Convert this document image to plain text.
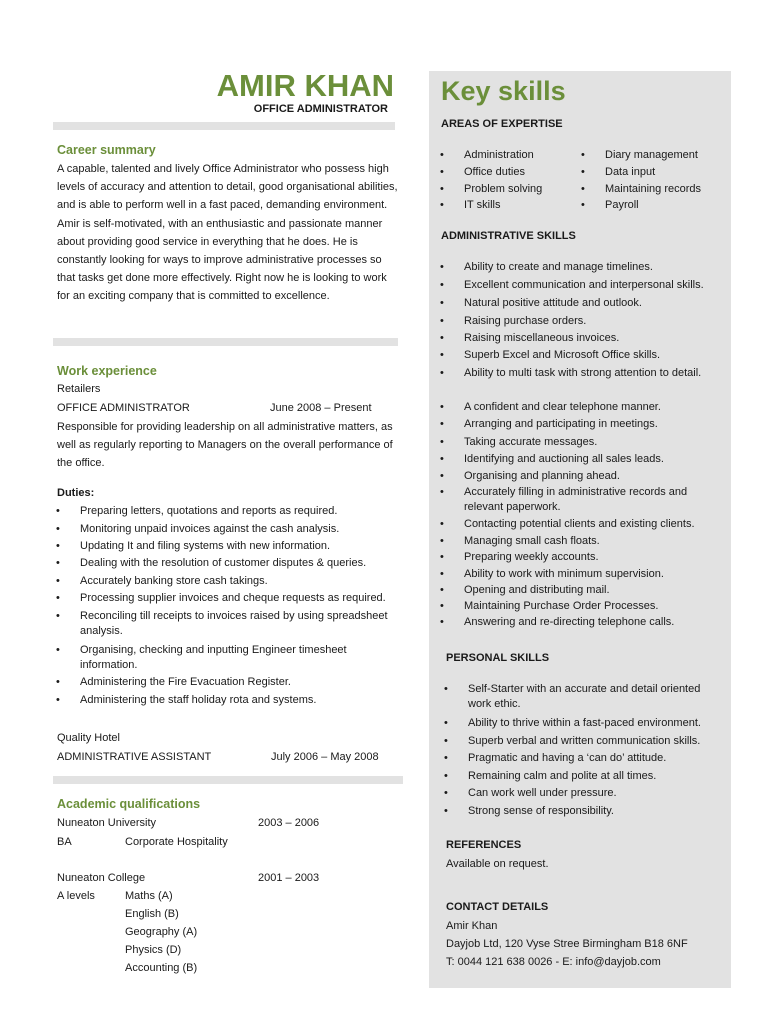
AMIR KHAN
OFFICE ADMINISTRATOR
Career summary
A capable, talented and lively Office Administrator who possess high levels of accuracy and attention to detail, good organisational abilities, and is able to perform well in a fast paced, demanding environment. Amir is self-motivated, with an enthusiastic and passionate manner about providing good service in everything that he does. He is constantly looking for ways to improve administrative processes so that tasks get done more effectively. Right now he is looking to work for an exciting company that is committed to excellence.
Work experience
Retailers
OFFICE ADMINISTRATOR	June 2008 – Present
Responsible for providing leadership on all administrative matters, as well as regularly reporting to Managers on the overall performance of the office.
Duties:
• Preparing letters, quotations and reports as required.
• Monitoring unpaid invoices against the cash analysis.
• Updating It and filing systems with new information.
• Dealing with the resolution of customer disputes & queries.
• Accurately banking store cash takings.
• Processing supplier invoices and cheque requests as required.
• Reconciling till receipts to invoices raised by using spreadsheet analysis.
• Organising, checking and inputting Engineer timesheet information.
• Administering the Fire Evacuation Register.
• Administering the staff holiday rota and systems.
Quality Hotel
ADMINISTRATIVE ASSISTANT	July 2006 – May 2008
Academic qualifications
Nuneaton University	2003 – 2006
BA	Corporate Hospitality
Nuneaton College	2001 – 2003
A levels	Maths (A)
English (B)
Geography (A)
Physics (D)
Accounting (B)
Key skills
AREAS OF EXPERTISE
• Administration
• Office duties
• Problem solving
• IT skills
• Diary management
• Data input
• Maintaining records
• Payroll
ADMINISTRATIVE SKILLS
• Ability to create and manage timelines.
• Excellent communication and interpersonal skills.
• Natural positive attitude and outlook.
• Raising purchase orders.
• Raising miscellaneous invoices.
• Superb Excel and Microsoft Office skills.
• Ability to multi task with strong attention to detail.
• A confident and clear telephone manner.
• Arranging and participating in meetings.
• Taking accurate messages.
• Identifying and auctioning all sales leads.
• Organising and planning ahead.
• Accurately filling in administrative records and relevant paperwork.
• Contacting potential clients and existing clients.
• Managing small cash floats.
• Preparing weekly accounts.
• Ability to work with minimum supervision.
• Opening and distributing mail.
• Maintaining Purchase Order Processes.
• Answering and re-directing telephone calls.
PERSONAL SKILLS
• Self-Starter with an accurate and detail oriented work ethic.
• Ability to thrive within a fast-paced environment.
• Superb verbal and written communication skills.
• Pragmatic and having a ‘can do’ attitude.
• Remaining calm and polite at all times.
• Can work well under pressure.
• Strong sense of responsibility.
REFERENCES
Available on request.
CONTACT DETAILS
Amir Khan
Dayjob Ltd, 120 Vyse Stree Birmingham B18 6NF
T: 0044 121 638 0026 - E: info@dayjob.com
